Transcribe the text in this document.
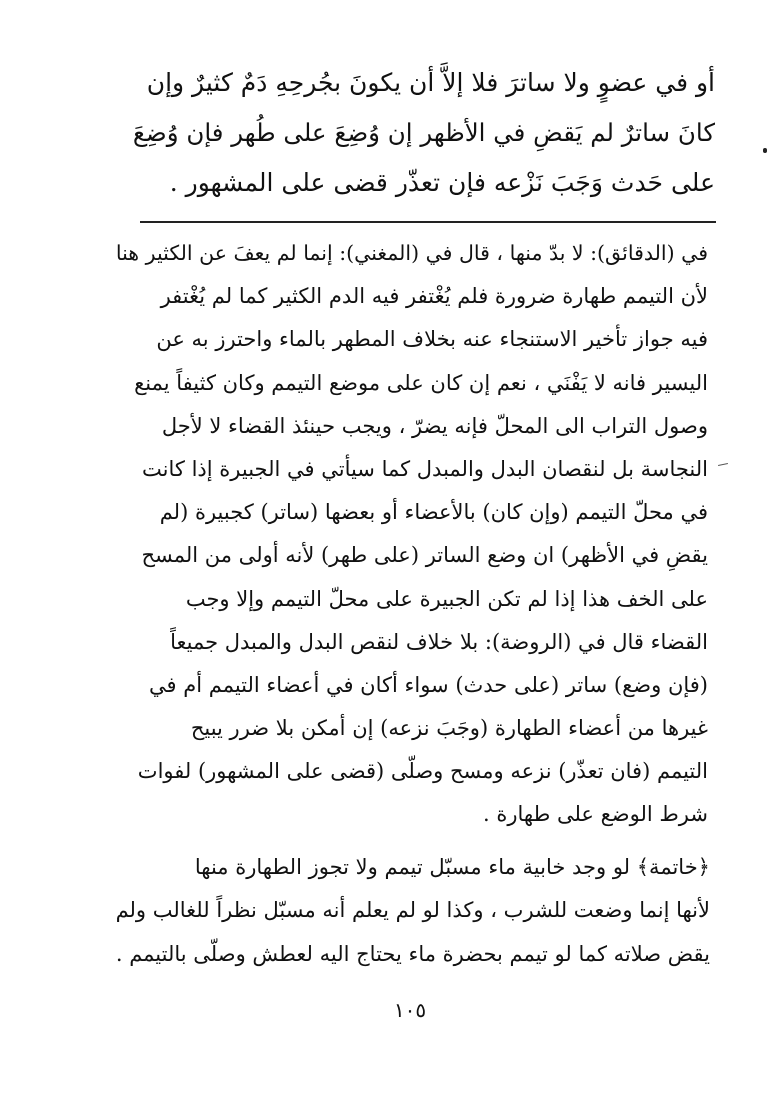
أو في عضوٍ ولا ساترَ فلا إلاَّ أن يكونَ بجُرحِهِ دَمٌ كثيرٌ وإن
كانَ ساترٌ لم يَقضِ في الأظهر إن وُضِعَ على طُهر فإن وُضِعَ
على حَدث وَجَبَ نَزْعه فإن تعذّر قضى على المشهور .
في (الدقائق): لا بدّ منها ، قال في (المغني): إنما لم يعفَ عن الكثير هنا
لأن التيمم طهارة ضرورة فلم يُغْتفر فيه الدم الكثير كما لم يُغْتفر
فيه جواز تأخير الاستنجاء عنه بخلاف المطهر بالماء واحترز به عن
اليسير فانه لا يَفْنَي ، نعم إن كان على موضع التيمم وكان كثيفاً يمنع
وصول التراب الى المحلّ فإنه يضرّ ، ويجب حينئذ القضاء لا لأجل
النجاسة بل لنقصان البدل والمبدل كما سيأتي في الجبيرة إذا كانت
في محلّ التيمم (وإن كان) بالأعضاء أو بعضها (ساتر) كجبيرة (لم
يقضِ في الأظهر) ان وضع الساتر (على طهر) لأنه أولى من المسح
على الخف هذا إذا لم تكن الجبيرة على محلّ التيمم وإلا وجب
القضاء قال في (الروضة): بلا خلاف لنقص البدل والمبدل جميعاً
(فإن وضع) ساتر (على حدث) سواء أكان في أعضاء التيمم أم في
غيرها من أعضاء الطهارة (وجَبَ نزعه) إن أمكن بلا ضرر يبيح
التيمم (فان تعذّر) نزعه ومسح وصلّى (قضى على المشهور) لفوات
شرط الوضع على طهارة .
﴿خاتمة﴾ لو وجد خابية ماء مسبّل تيمم ولا تجوز الطهارة منها
لأنها إنما وضعت للشرب ، وكذا لو لم يعلم أنه مسبّل نظراً للغالب ولم
يقض صلاته كما لو تيمم بحضرة ماء يحتاج اليه لعطش وصلّى بالتيمم .
١٠٥
